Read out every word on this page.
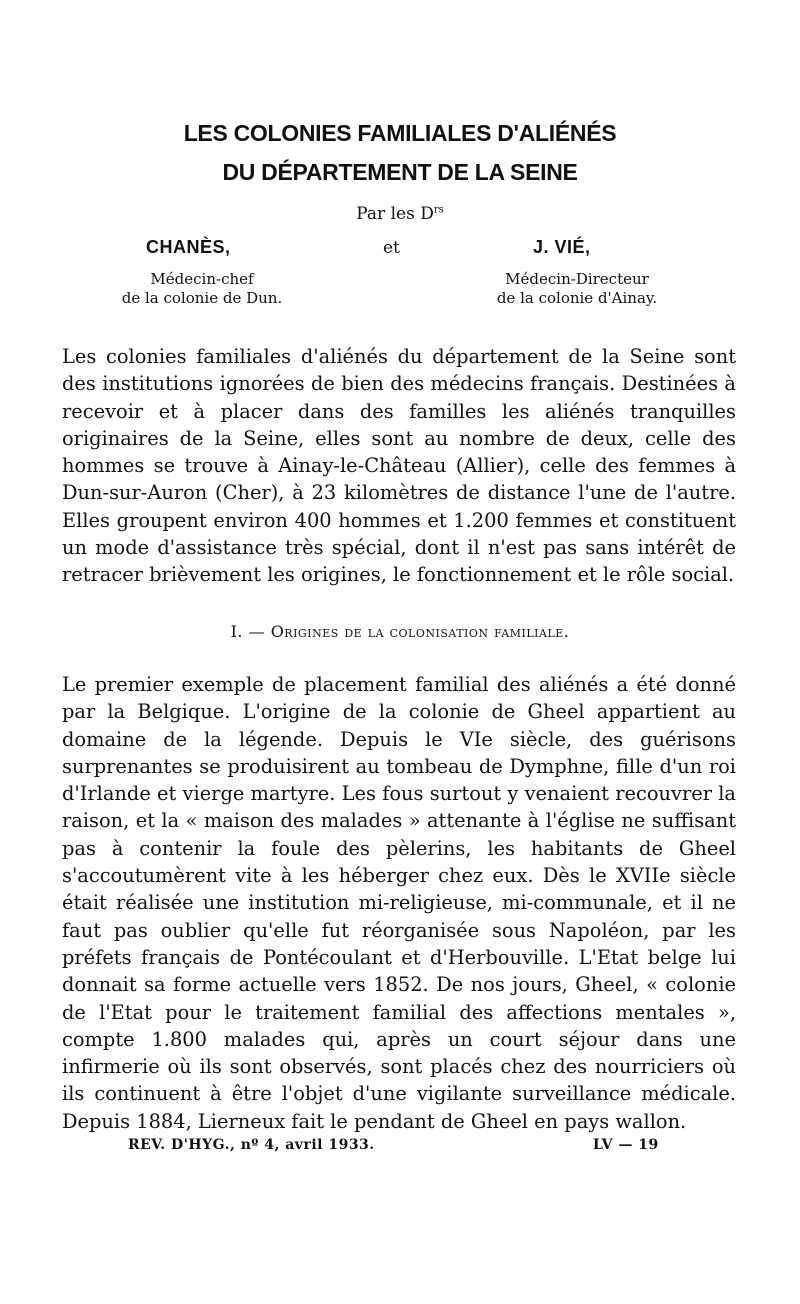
LES COLONIES FAMILIALES D'ALIÉNÉS
DU DÉPARTEMENT DE LA SEINE
Par les $D^{rs}$
CHANÈS,	et	J. VIÉ,
Médecin-chef
de la colonie de Dun.
Médecin-Directeur
de la colonie d'Ainay.

Les colonies familiales d'aliénés du département de la Seine sont des institutions ignorées de bien des médecins français. Destinées à recevoir et à placer dans des familles les aliénés tranquilles originaires de la Seine, elles sont au nombre de deux, celle des hommes se trouve à Ainay-le-Château (Allier), celle des femmes à Dun-sur-Auron (Cher), à 23 kilomètres de distance l'une de l'autre. Elles groupent environ 400 hommes et 1.200 femmes et constituent un mode d'assistance très spécial, dont il n'est pas sans intérêt de retracer brièvement les origines, le fonctionnement et le rôle social.

I. — Origines de la colonisation familiale.

Le premier exemple de placement familial des aliénés a été donné par la Belgique. L'origine de la colonie de Gheel appartient au domaine de la légende. Depuis le VIe siècle, des guérisons surprenantes se produisirent au tombeau de Dymphne, fille d'un roi d'Irlande et vierge martyre. Les fous surtout y venaient recouvrer la raison, et la « maison des malades » attenante à l'église ne suffisant pas à contenir la foule des pèlerins, les habitants de Gheel s'accoutumèrent vite à les héberger chez eux. Dès le XVIIe siècle était réalisée une institution mi-religieuse, mi-communale, et il ne faut pas oublier qu'elle fut réorganisée sous Napoléon, par les préfets français de Pontécoulant et d'Herbouville. L'Etat belge lui donnait sa forme actuelle vers 1852. De nos jours, Gheel, « colonie de l'Etat pour le traitement familial des affections mentales », compte 1.800 malades qui, après un court séjour dans une infirmerie où ils sont observés, sont placés chez des nourriciers où ils continuent à être l'objet d'une vigilante surveillance médicale. Depuis 1884, Lierneux fait le pendant de Gheel en pays wallon.

REV. D'HYG., nº 4, avril 1933.	LV — 19
